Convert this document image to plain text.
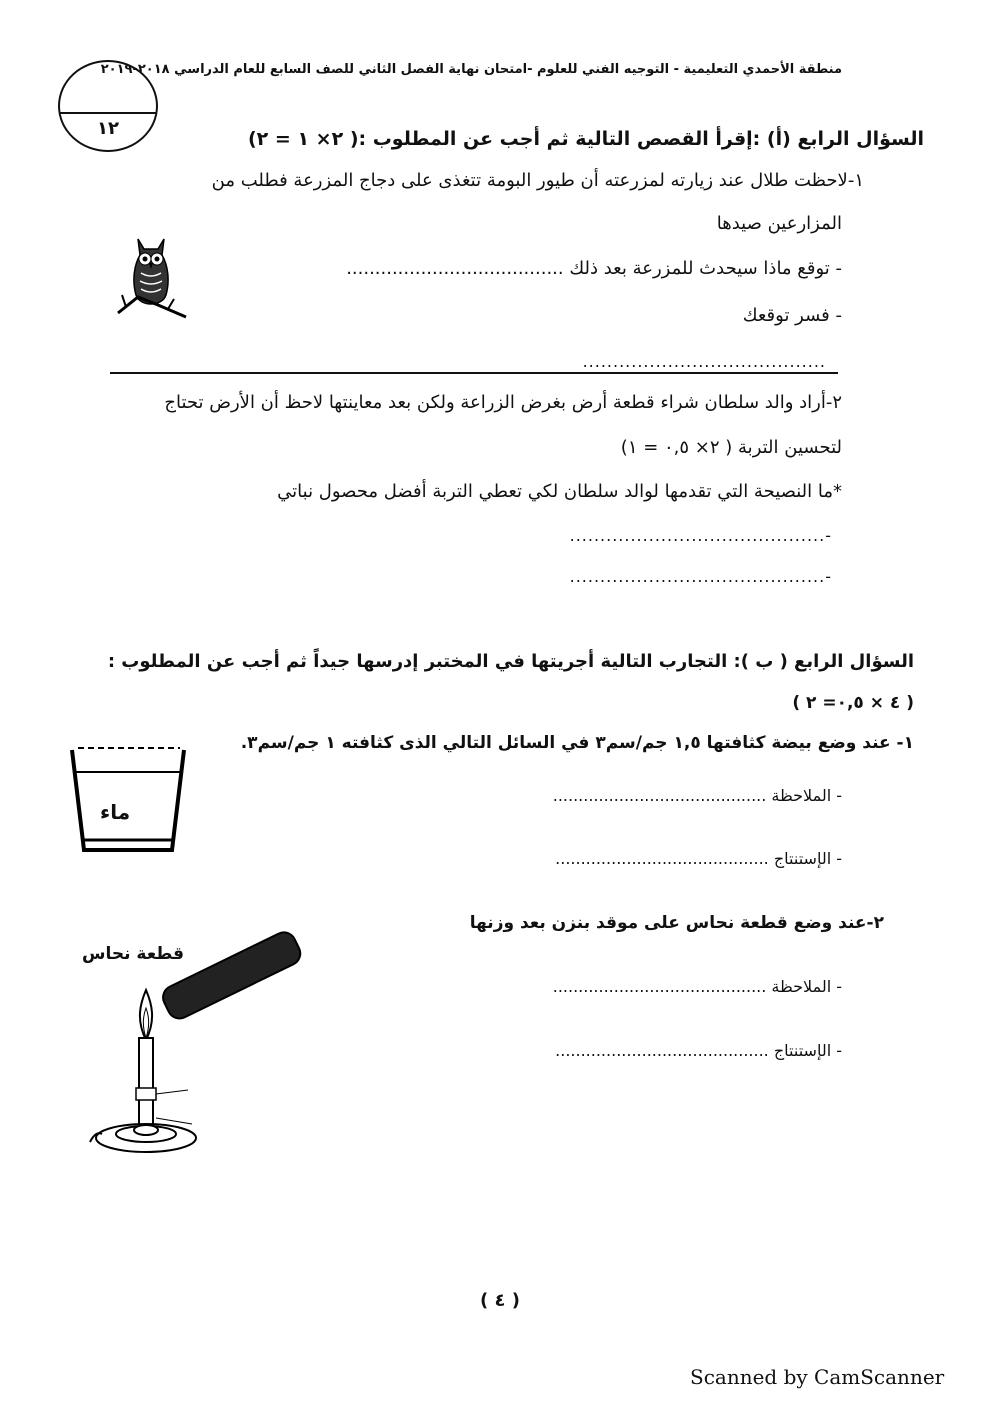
منطقة الأحمدي التعليمية - التوجيه الفني للعلوم -امتحان نهاية الفصل الثاني للصف السابع للعام الدراسي ٢٠١٨-٢٠١٩
١٢	السؤال الرابع (أ) :إقرأ القصص التالية ثم أجب عن المطلوب :( ٢× ١ = ٢)
١-لاحظت طلال عند زيارته لمزرعته أن طيور البومة تتغذى على دجاج المزرعة فطلب من
المزارعين صيدها
- توقع ماذا سيحدث للمزرعة بعد ذلك ......................................
- فسر توقعك
........................................
٢-أراد والد سلطان شراء قطعة أرض بغرض الزراعة ولكن بعد معاينتها لاحظ أن الأرض تحتاج
لتحسين التربة ( ٢× ٠,٥ = ١)
*ما النصيحة التي تقدمها لوالد سلطان لكي تعطي التربة أفضل محصول نباتي
-..........................................
-..........................................
السؤال الرابع ( ب ): التجارب التالية أجريتها في المختبر إدرسها جيداً ثم أجب عن المطلوب :
( ٤ × ٠,٥= ٢ )
١- عند وضع بيضة كثافتها ١,٥ جم/سم٣ في السائل التالي الذى كثافته ١ جم/سم٣.
- الملاحظة ..........................................
- الإستنتاج ..........................................
ماء
٢-عند وضع قطعة نحاس على موقد بنزن بعد وزنها
- الملاحظة ..........................................
- الإستنتاج ..........................................
قطعة نحاس
( ٤ )
Scanned by CamScanner
